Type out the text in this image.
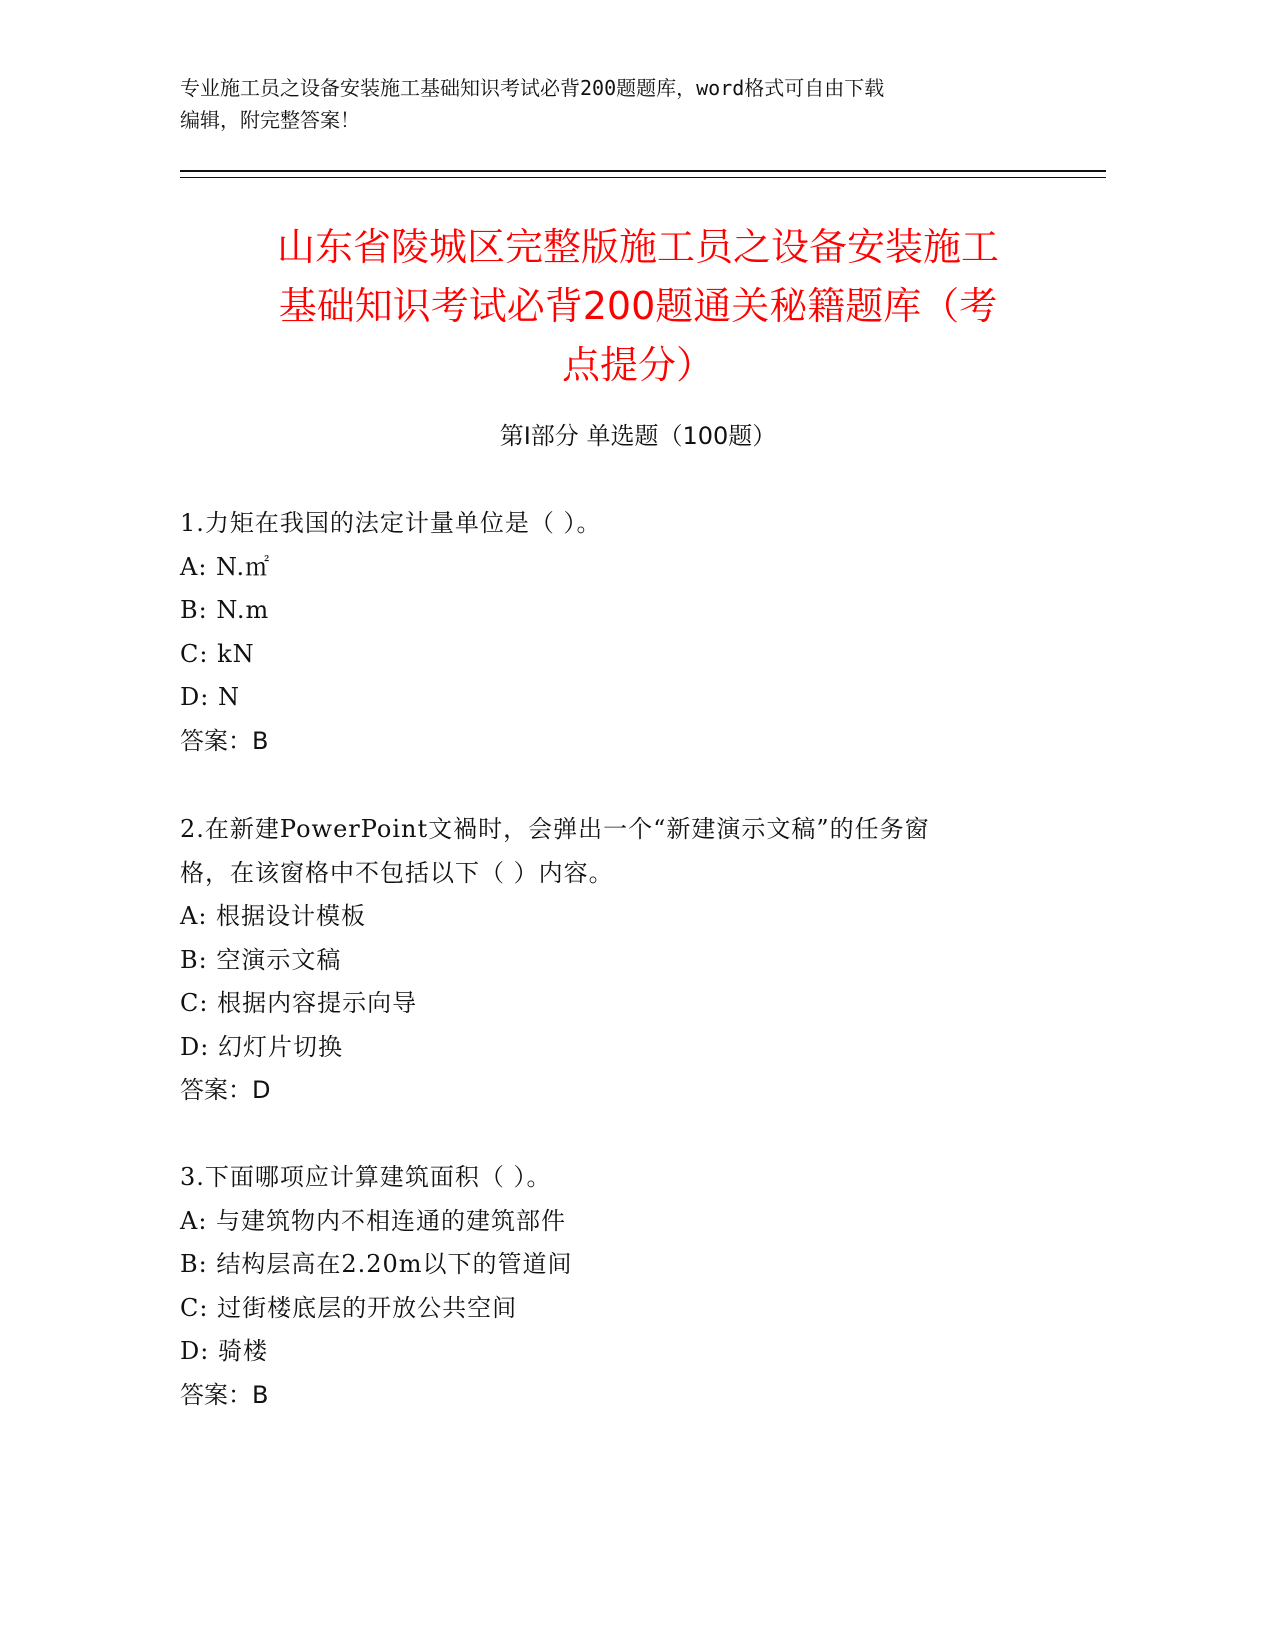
专业施工员之设备安装施工基础知识考试必背200题题库，word格式可自由下载
编辑，附完整答案！
山东省陵城区完整版施工员之设备安装施工
基础知识考试必背200题通关秘籍题库（考
点提分）
第Ⅰ部分 单选题（100题）
1.力矩在我国的法定计量单位是（ ）。
A: N.㎡
B: N.m
C: kN
D: N
答案：B
2.在新建PowerPoint文禍时，会弹出一个“新建演示文稿”的任务窗
格，在该窗格中不包括以下（ ）内容。
A: 根据设计模板
B: 空演示文稿
C: 根据内容提示向导
D: 幻灯片切换
答案：D
3.下面哪项应计算建筑面积（ ）。
A: 与建筑物内不相连通的建筑部件
B: 结构层高在2.20m以下的管道间
C: 过街楼底层的开放公共空间
D: 骑楼
答案：B
